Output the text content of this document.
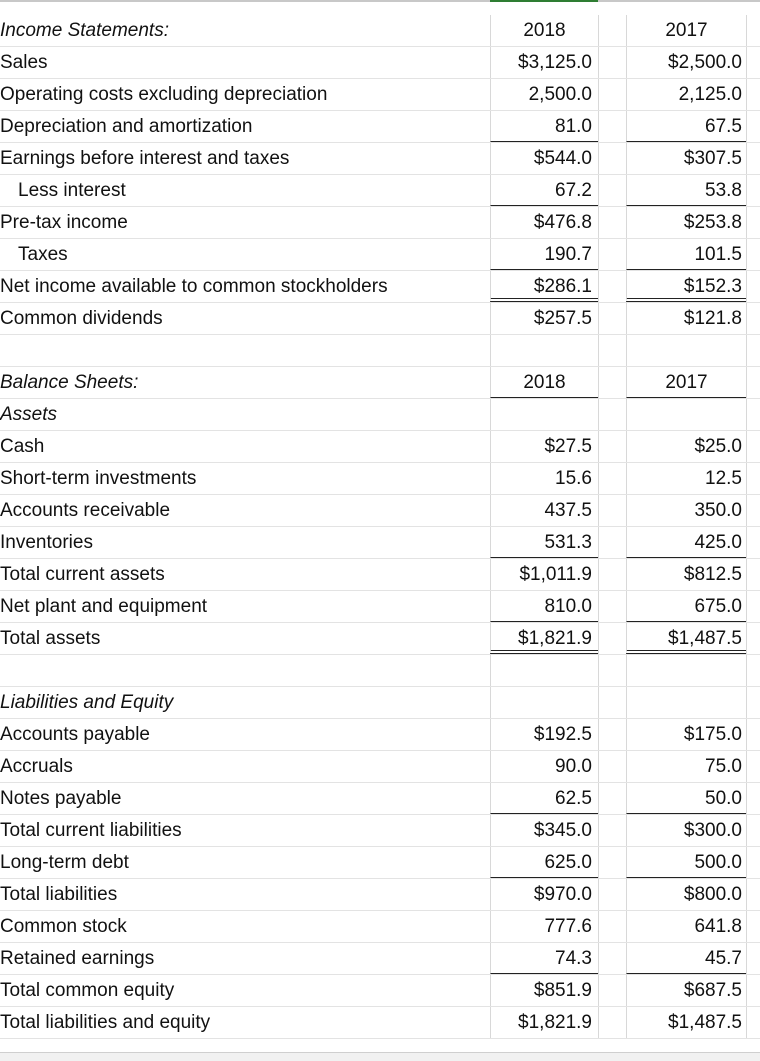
Income Statements:	2018	2017
Sales	$3,125.0	$2,500.0
Operating costs excluding depreciation	2,500.0	2,125.0
Depreciation and amortization	81.0	67.5
Earnings before interest and taxes	$544.0	$307.5
Less interest	67.2	53.8
Pre-tax income	$476.8	$253.8
Taxes	190.7	101.5
Net income available to common stockholders	$286.1	$152.3
Common dividends	$257.5	$121.8
Balance Sheets:	2018	2017
Assets
Cash	$27.5	$25.0
Short-term investments	15.6	12.5
Accounts receivable	437.5	350.0
Inventories	531.3	425.0
Total current assets	$1,011.9	$812.5
Net plant and equipment	810.0	675.0
Total assets	$1,821.9	$1,487.5
Liabilities and Equity
Accounts payable	$192.5	$175.0
Accruals	90.0	75.0
Notes payable	62.5	50.0
Total current liabilities	$345.0	$300.0
Long-term debt	625.0	500.0
Total liabilities	$970.0	$800.0
Common stock	777.6	641.8
Retained earnings	74.3	45.7
Total common equity	$851.9	$687.5
Total liabilities and equity	$1,821.9	$1,487.5
